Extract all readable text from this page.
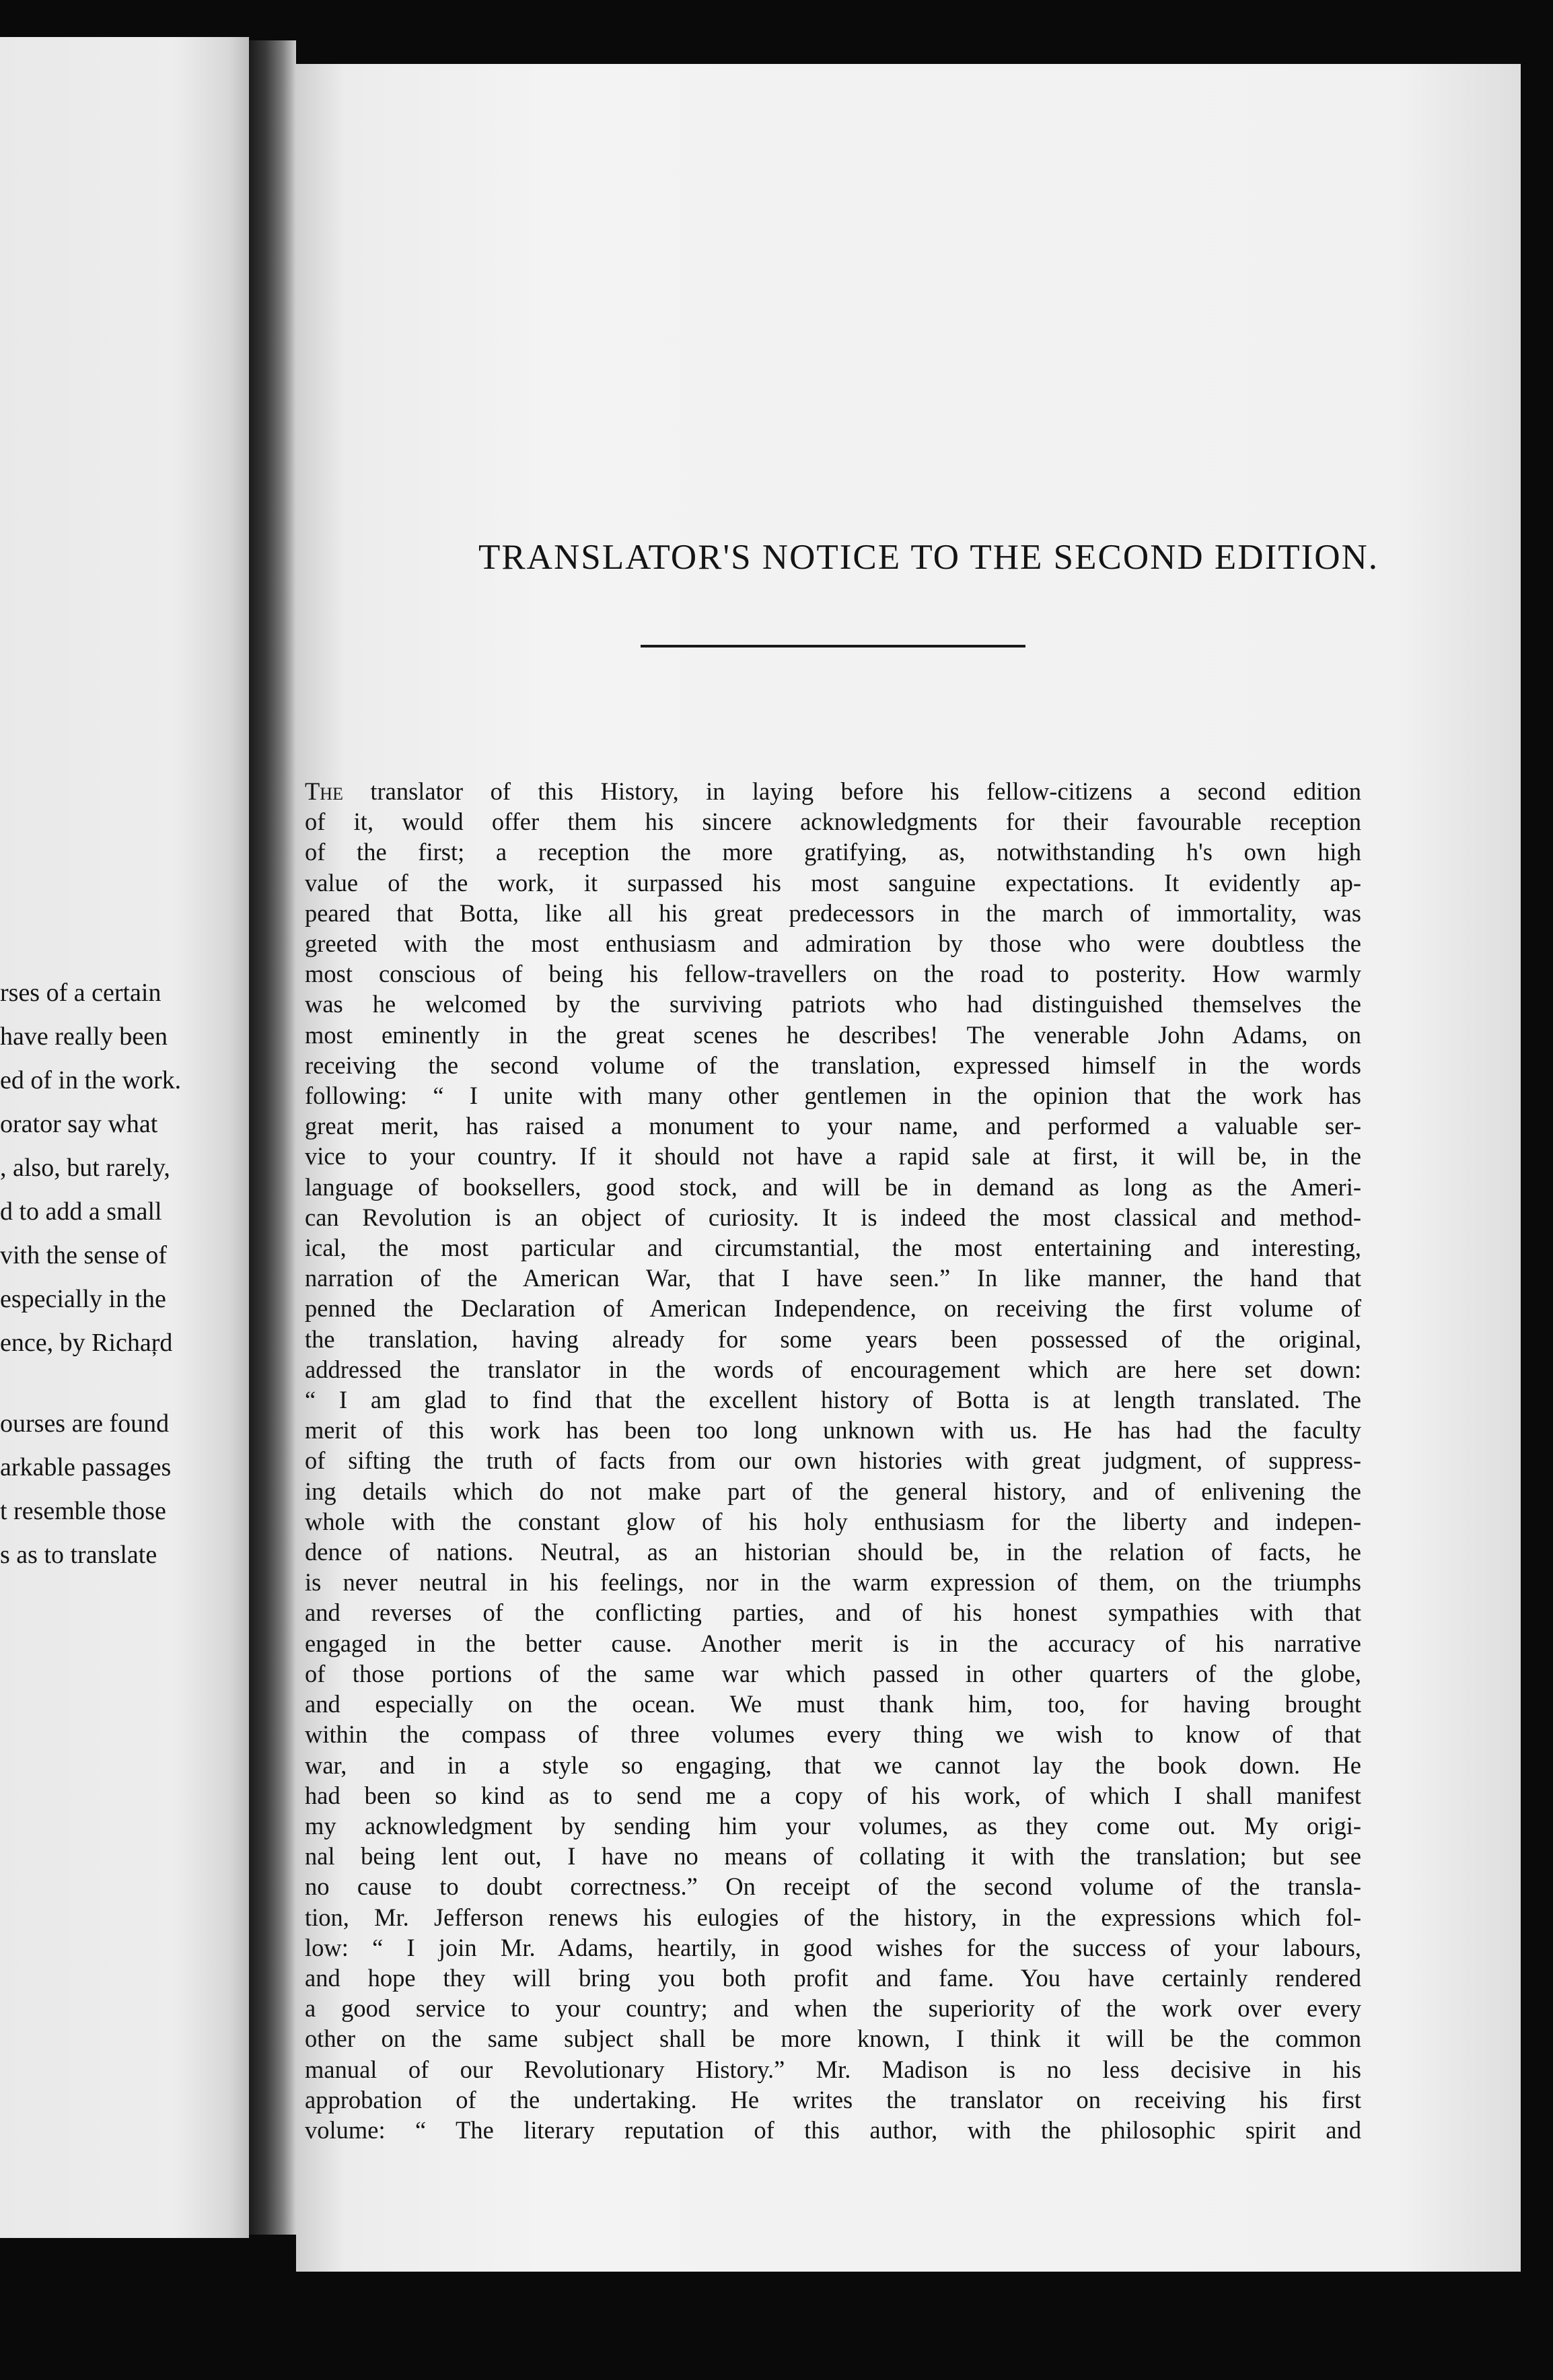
rses of a certain
have really been
ed of in the work.
orator say what
, also, but rarely,
d to add a small
vith the sense of
especially in the
ence, by Richaŗd
ourses are found
arkable passages
t resemble those
s as to translate
TRANSLATOR'S NOTICE TO THE SECOND EDITION.
The translator of this History, in laying before his fellow-citizens a second edition
of it, would offer them his sincere acknowledgments for their favourable reception
of the first; a reception the more gratifying, as, notwithstanding h's own high
value of the work, it surpassed his most sanguine expectations. It evidently ap-
peared that Botta, like all his great predecessors in the march of immortality, was
greeted with the most enthusiasm and admiration by those who were doubtless the
most conscious of being his fellow-travellers on the road to posterity. How warmly
was he welcomed by the surviving patriots who had distinguished themselves the
most eminently in the great scenes he describes! The venerable John Adams, on
receiving the second volume of the translation, expressed himself in the words
following: “ I unite with many other gentlemen in the opinion that the work has
great merit, has raised a monument to your name, and performed a valuable ser-
vice to your country. If it should not have a rapid sale at first, it will be, in the
language of booksellers, good stock, and will be in demand as long as the Ameri-
can Revolution is an object of curiosity. It is indeed the most classical and method-
ical, the most particular and circumstantial, the most entertaining and interesting,
narration of the American War, that I have seen.” In like manner, the hand that
penned the Declaration of American Independence, on receiving the first volume of
the translation, having already for some years been possessed of the original,
addressed the translator in the words of encouragement which are here set down:
“ I am glad to find that the excellent history of Botta is at length translated. The
merit of this work has been too long unknown with us. He has had the faculty
of sifting the truth of facts from our own histories with great judgment, of suppress-
ing details which do not make part of the general history, and of enlivening the
whole with the constant glow of his holy enthusiasm for the liberty and indepen-
dence of nations. Neutral, as an historian should be, in the relation of facts, he
is never neutral in his feelings, nor in the warm expression of them, on the triumphs
and reverses of the conflicting parties, and of his honest sympathies with that
engaged in the better cause. Another merit is in the accuracy of his narrative
of those portions of the same war which passed in other quarters of the globe,
and especially on the ocean. We must thank him, too, for having brought
within the compass of three volumes every thing we wish to know of that
war, and in a style so engaging, that we cannot lay the book down. He
had been so kind as to send me a copy of his work, of which I shall manifest
my acknowledgment by sending him your volumes, as they come out. My origi-
nal being lent out, I have no means of collating it with the translation; but see
no cause to doubt correctness.” On receipt of the second volume of the transla-
tion, Mr. Jefferson renews his eulogies of the history, in the expressions which fol-
low: “ I join Mr. Adams, heartily, in good wishes for the success of your labours,
and hope they will bring you both profit and fame. You have certainly rendered
a good service to your country; and when the superiority of the work over every
other on the same subject shall be more known, I think it will be the common
manual of our Revolutionary History.” Mr. Madison is no less decisive in his
approbation of the undertaking. He writes the translator on receiving his first
volume: “ The literary reputation of this author, with the philosophic spirit and
